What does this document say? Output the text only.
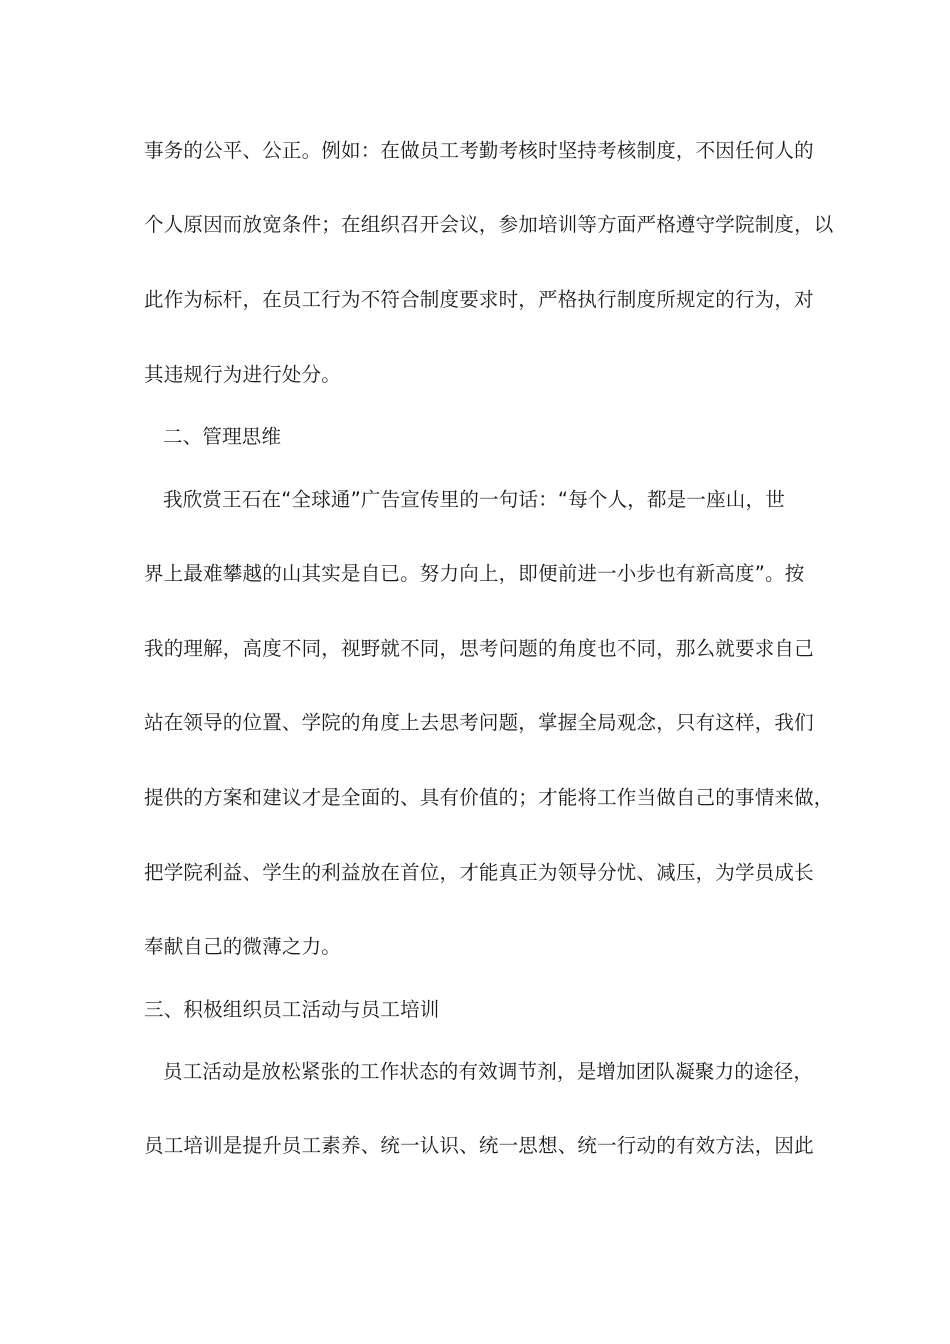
事务的公平、公正。例如：在做员工考勤考核时坚持考核制度，不因任何人的
个人原因而放宽条件；在组织召开会议，参加培训等方面严格遵守学院制度，以
此作为标杆，在员工行为不符合制度要求时，严格执行制度所规定的行为，对
其违规行为进行处分。
二、管理思维
我欣赏王石在“全球通”广告宣传里的一句话：“每个人，都是一座山，世
界上最难攀越的山其实是自已。努力向上，即便前进一小步也有新高度”。按
我的理解，高度不同，视野就不同，思考问题的角度也不同，那么就要求自己
站在领导的位置、学院的角度上去思考问题，掌握全局观念，只有这样，我们
提供的方案和建议才是全面的、具有价值的；才能将工作当做自己的事情来做，
把学院利益、学生的利益放在首位，才能真正为领导分忧、减压，为学员成长
奉献自己的微薄之力。
三、积极组织员工活动与员工培训
员工活动是放松紧张的工作状态的有效调节剂，是增加团队凝聚力的途径，
员工培训是提升员工素养、统一认识、统一思想、统一行动的有效方法，因此
